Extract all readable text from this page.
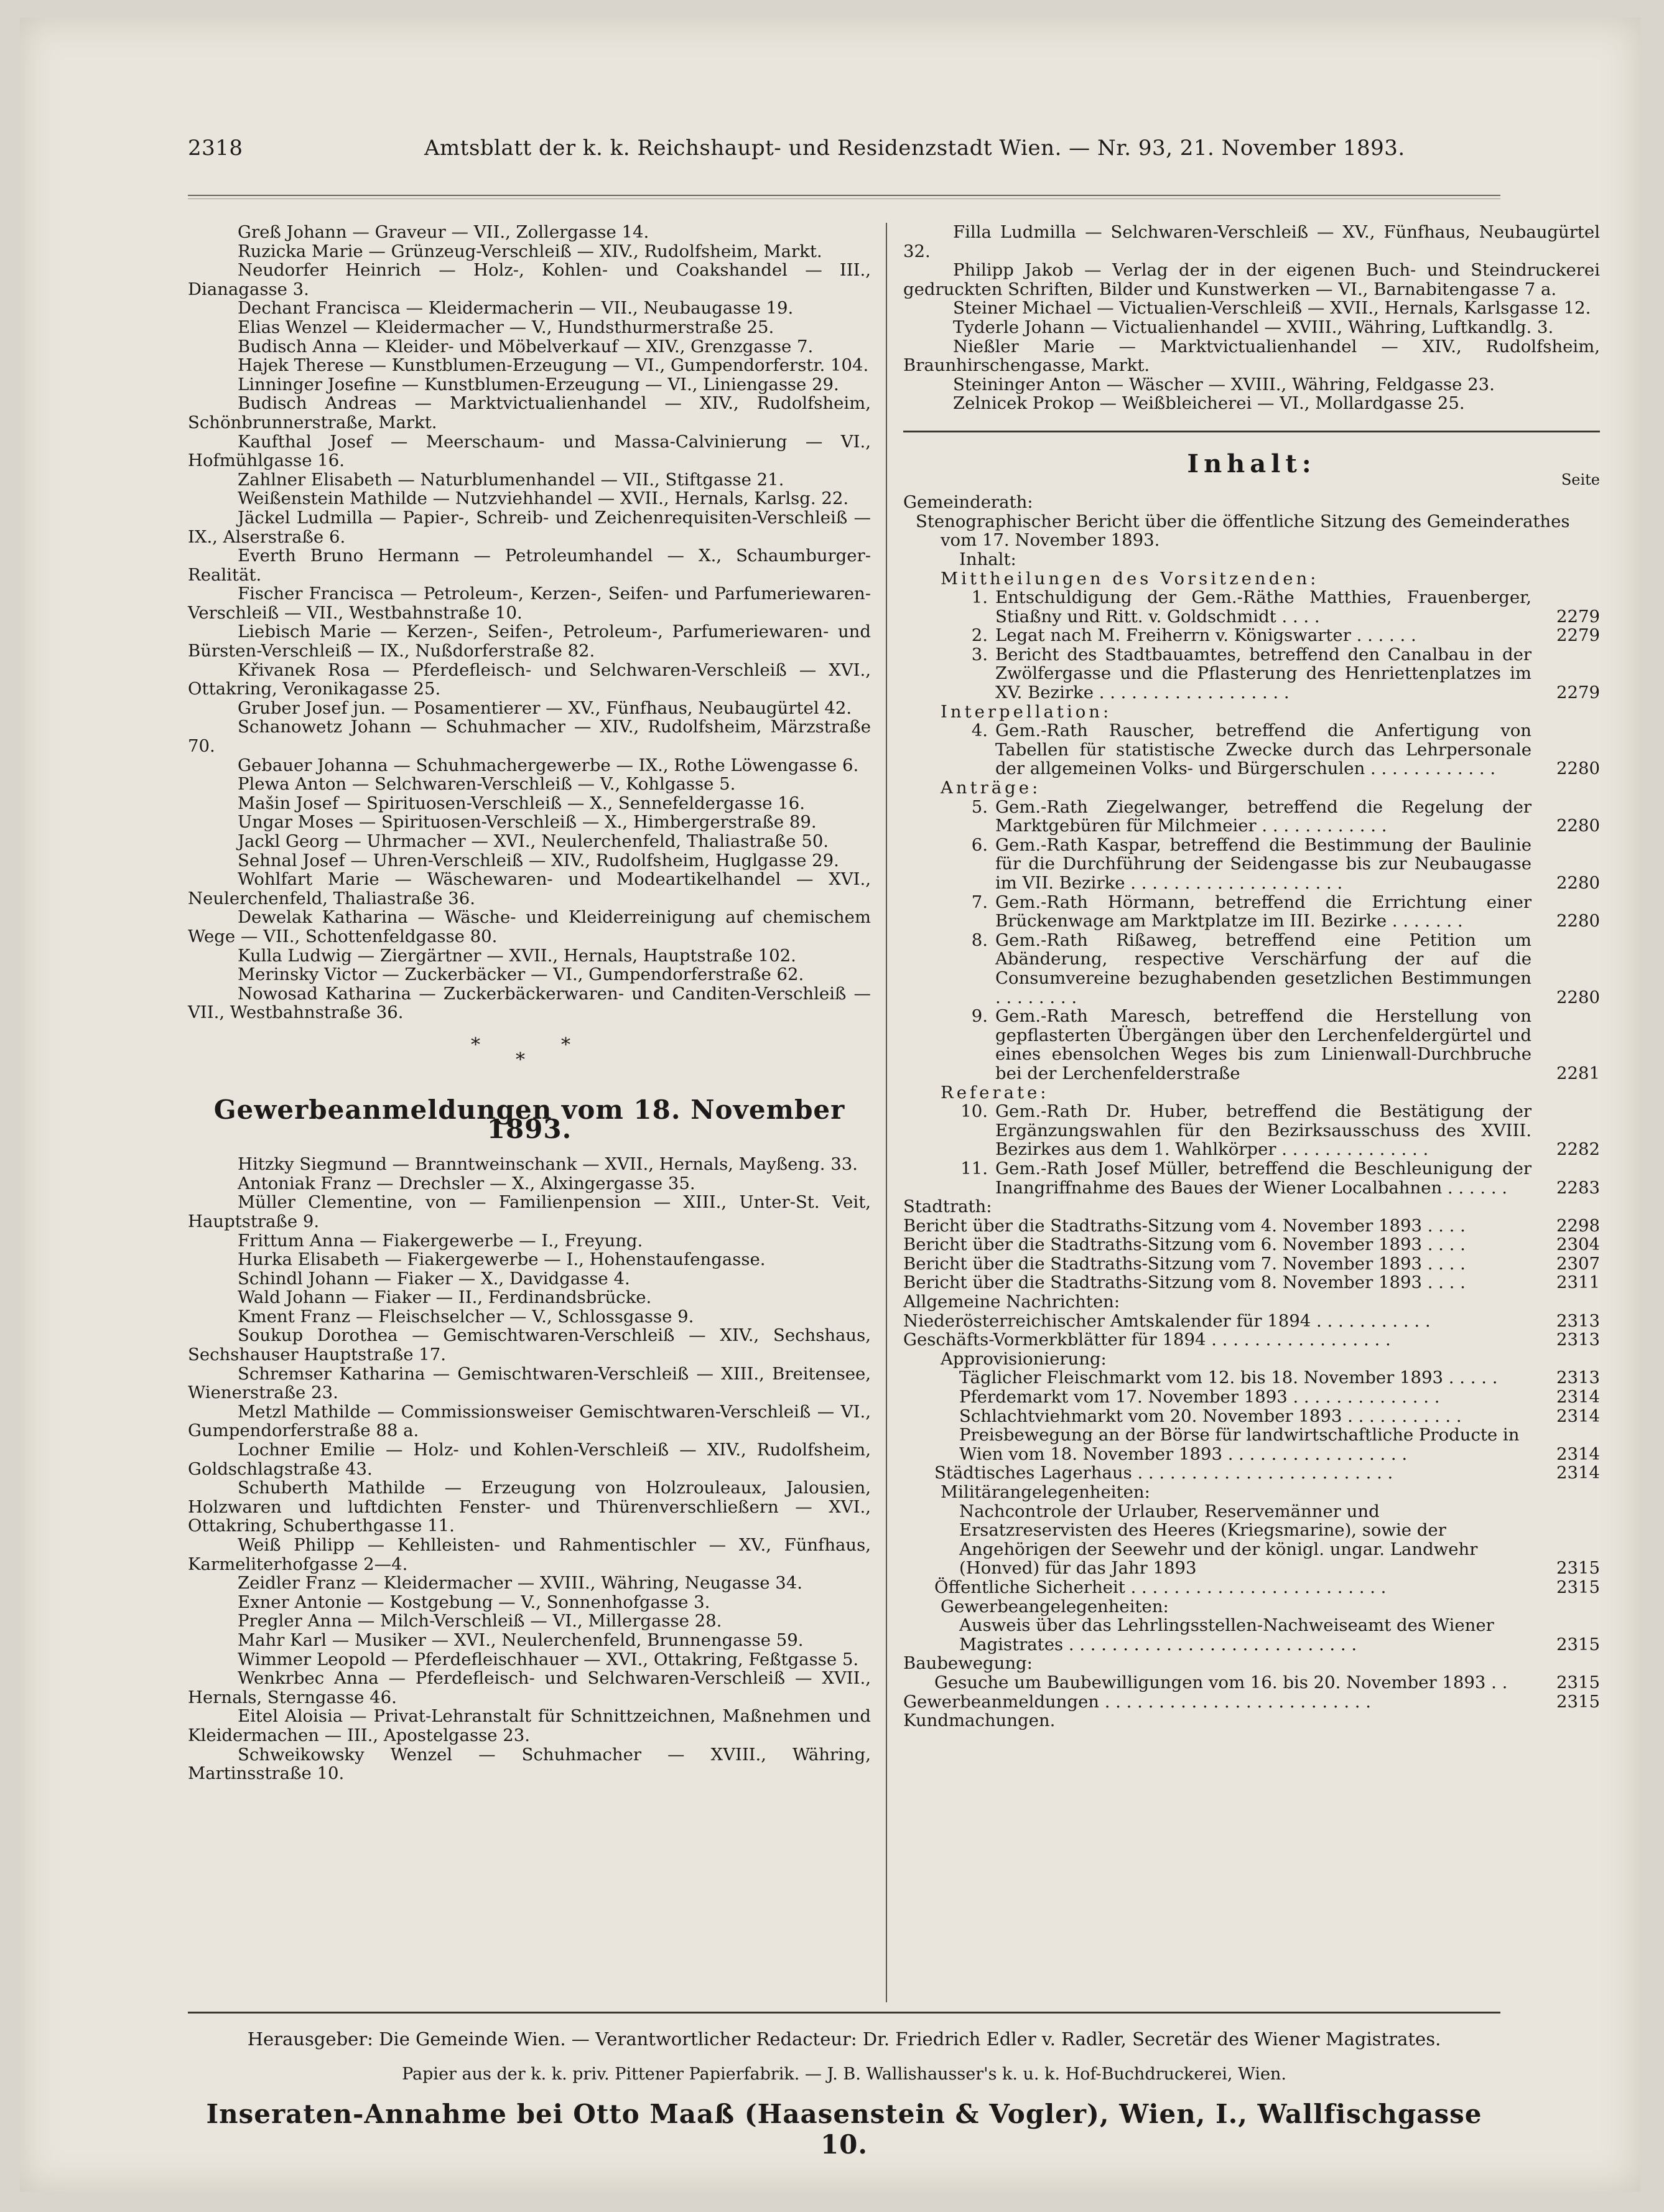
2318	Amtsblatt der k. k. Reichshaupt- und Residenzstadt Wien. — Nr. 93, 21. November 1893.

Greß Johann — Graveur — VII., Zollergasse 14.

Ruzicka Marie — Grünzeug-Verschleiß — XIV., Rudolfsheim, Markt.

Neudorfer Heinrich — Holz-, Kohlen- und Coakshandel — III., Dianagasse 3.

Dechant Francisca — Kleidermacherin — VII., Neubaugasse 19.

Elias Wenzel — Kleidermacher — V., Hundsthurmerstraße 25.

Budisch Anna — Kleider- und Möbelverkauf — XIV., Grenzgasse 7.

Hajek Therese — Kunstblumen-Erzeugung — VI., Gumpendorferstr. 104.

Linninger Josefine — Kunstblumen-Erzeugung — VI., Liniengasse 29.

Budisch Andreas — Marktvictualienhandel — XIV., Rudolfsheim, Schönbrunnerstraße, Markt.

Kaufthal Josef — Meerschaum- und Massa-Calvinierung — VI., Hofmühlgasse 16.

Zahlner Elisabeth — Naturblumenhandel — VII., Stiftgasse 21.

Weißenstein Mathilde — Nutzviehhandel — XVII., Hernals, Karlsg. 22.

Jäckel Ludmilla — Papier-, Schreib- und Zeichenrequisiten-Verschleiß — IX., Alserstraße 6.

Everth Bruno Hermann — Petroleumhandel — X., Schaumburger-Realität.

Fischer Francisca — Petroleum-, Kerzen-, Seifen- und Parfumeriewaren-Verschleiß — VII., Westbahnstraße 10.

Liebisch Marie — Kerzen-, Seifen-, Petroleum-, Parfumeriewaren- und Bürsten-Verschleiß — IX., Nußdorferstraße 82.

Křivanek Rosa — Pferdefleisch- und Selchwaren-Verschleiß — XVI., Ottakring, Veronikagasse 25.

Gruber Josef jun. — Posamentierer — XV., Fünfhaus, Neubaugürtel 42.

Schanowetz Johann — Schuhmacher — XIV., Rudolfsheim, Märzstraße 70.

Gebauer Johanna — Schuhmachergewerbe — IX., Rothe Löwengasse 6.

Plewa Anton — Selchwaren-Verschleiß — V., Kohlgasse 5.

Mašin Josef — Spirituosen-Verschleiß — X., Sennefeldergasse 16.

Ungar Moses — Spirituosen-Verschleiß — X., Himbergerstraße 89.

Jackl Georg — Uhrmacher — XVI., Neulerchenfeld, Thaliastraße 50.

Sehnal Josef — Uhren-Verschleiß — XIV., Rudolfsheim, Huglgasse 29.

Wohlfart Marie — Wäschewaren- und Modeartikelhandel — XVI., Neulerchenfeld, Thaliastraße 36.

Dewelak Katharina — Wäsche- und Kleiderreinigung auf chemischem Wege — VII., Schottenfeldgasse 80.

Kulla Ludwig — Ziergärtner — XVII., Hernals, Hauptstraße 102.

Merinsky Victor — Zuckerbäcker — VI., Gumpendorferstraße 62.

Nowosad Katharina — Zuckerbäckerwaren- und Canditen-Verschleiß — VII., Westbahnstraße 36.

*	*
*
Gewerbeanmeldungen vom 18. November 1893.

Hitzky Siegmund — Branntweinschank — XVII., Hernals, Mayßeng. 33.

Antoniak Franz — Drechsler — X., Alxingergasse 35.

Müller Clementine, von — Familienpension — XIII., Unter-St. Veit, Hauptstraße 9.

Frittum Anna — Fiakergewerbe — I., Freyung.

Hurka Elisabeth — Fiakergewerbe — I., Hohenstaufengasse.

Schindl Johann — Fiaker — X., Davidgasse 4.

Wald Johann — Fiaker — II., Ferdinandsbrücke.

Kment Franz — Fleischselcher — V., Schlossgasse 9.

Soukup Dorothea — Gemischtwaren-Verschleiß — XIV., Sechshaus, Sechshauser Hauptstraße 17.

Schremser Katharina — Gemischtwaren-Verschleiß — XIII., Breitensee, Wienerstraße 23.

Metzl Mathilde — Commissionsweiser Gemischtwaren-Verschleiß — VI., Gumpendorferstraße 88 a.

Lochner Emilie — Holz- und Kohlen-Verschleiß — XIV., Rudolfsheim, Goldschlagstraße 43.

Schuberth Mathilde — Erzeugung von Holzrouleaux, Jalousien, Holzwaren und luftdichten Fenster- und Thürenverschließern — XVI., Ottakring, Schuberthgasse 11.

Weiß Philipp — Kehlleisten- und Rahmentischler — XV., Fünfhaus, Karmeliterhofgasse 2—4.

Zeidler Franz — Kleidermacher — XVIII., Währing, Neugasse 34.

Exner Antonie — Kostgebung — V., Sonnenhofgasse 3.

Pregler Anna — Milch-Verschleiß — VI., Millergasse 28.

Mahr Karl — Musiker — XVI., Neulerchenfeld, Brunnengasse 59.

Wimmer Leopold — Pferdefleischhauer — XVI., Ottakring, Feßtgasse 5.

Wenkrbec Anna — Pferdefleisch- und Selchwaren-Verschleiß — XVII., Hernals, Sterngasse 46.

Eitel Aloisia — Privat-Lehranstalt für Schnittzeichnen, Maßnehmen und Kleidermachen — III., Apostelgasse 23.

Schweikowsky Wenzel — Schuhmacher — XVIII., Währing, Martinsstraße 10.

Filla Ludmilla — Selchwaren-Verschleiß — XV., Fünfhaus, Neubaugürtel 32.

Philipp Jakob — Verlag der in der eigenen Buch- und Steindruckerei gedruckten Schriften, Bilder und Kunstwerken — VI., Barnabitengasse 7 a.

Steiner Michael — Victualien-Verschleiß — XVII., Hernals, Karlsgasse 12.

Tyderle Johann — Victualienhandel — XVIII., Währing, Luftkandlg. 3.

Nießler Marie — Marktvictualienhandel — XIV., Rudolfsheim, Braunhirschengasse, Markt.

Steininger Anton — Wäscher — XVIII., Währing, Feldgasse 23.

Zelnicek Prokop — Weißbleicherei — VI., Mollardgasse 25.

Inhalt:
Seite

Gemeinderath:

Stenographischer Bericht über die öffentliche Sitzung des Gemeinderathes vom 17. November 1893.

Inhalt:

Mittheilungen des Vorsitzenden:

1. Entschuldigung der Gem.-Räthe Matthies, Frauenberger, Stiaßny und Ritt. v. Goldschmidt . . . .	2279
2. Legat nach M. Freiherrn v. Königswarter . . . . . .	2279
3. Bericht des Stadtbauamtes, betreffend den Canalbau in der Zwölfergasse und die Pflasterung des Henriettenplatzes im XV. Bezirke . . . . . . . . . . . . . . . . . .	2279

Interpellation:

4. Gem.-Rath Rauscher, betreffend die Anfertigung von Tabellen für statistische Zwecke durch das Lehrpersonale der allgemeinen Volks- und Bürgerschulen . . . . . . . . . . . .	2280

Anträge:

5. Gem.-Rath Ziegelwanger, betreffend die Regelung der Marktgebüren für Milchmeier . . . . . . . . . . . .	2280
6. Gem.-Rath Kaspar, betreffend die Bestimmung der Baulinie für die Durchführung der Seidengasse bis zur Neubaugasse im VII. Bezirke . . . . . . . . . . . . . . . . . . . .	2280
7. Gem.-Rath Hörmann, betreffend die Errichtung einer Brückenwage am Marktplatze im III. Bezirke . . . . . . .	2280
8. Gem.-Rath Rißaweg, betreffend eine Petition um Abänderung, respective Verschärfung der auf die Consumvereine bezughabenden gesetzlichen Bestimmungen . . . . . . . .	2280
9. Gem.-Rath Maresch, betreffend die Herstellung von gepflasterten Übergängen über den Lerchenfeldergürtel und eines ebensolchen Weges bis zum Linienwall-Durchbruche bei der Lerchenfelderstraße	2281

Referate:

10. Gem.-Rath Dr. Huber, betreffend die Bestätigung der Ergänzungswahlen für den Bezirksausschuss des XVIII. Bezirkes aus dem 1. Wahlkörper . . . . . . . . . . . . . .	2282
11. Gem.-Rath Josef Müller, betreffend die Beschleunigung der Inangriffnahme des Baues der Wiener Localbahnen . . . . . .	2283

Stadtrath:

Bericht über die Stadtraths-Sitzung vom 4. November 1893 . . . .	2298
Bericht über die Stadtraths-Sitzung vom 6. November 1893 . . . .	2304
Bericht über die Stadtraths-Sitzung vom 7. November 1893 . . . .	2307
Bericht über die Stadtraths-Sitzung vom 8. November 1893 . . . .	2311

Allgemeine Nachrichten:

Niederösterreichischer Amtskalender für 1894 . . . . . . . . . . .	2313
Geschäfts-Vormerkblätter für 1894 . . . . . . . . . . . . . . . . .	2313

Approvisionierung:

Täglicher Fleischmarkt vom 12. bis 18. November 1893 . . . . .	2313
Pferdemarkt vom 17. November 1893 . . . . . . . . . . . . . .	2314
Schlachtviehmarkt vom 20. November 1893 . . . . . . . . . . .	2314
Preisbewegung an der Börse für landwirtschaftliche Producte in Wien vom 18. November 1893 . . . . . . . . . . . . . . . . .	2314
Städtisches Lagerhaus . . . . . . . . . . . . . . . . . . . . . . . .	2314

Militärangelegenheiten:

Nachcontrole der Urlauber, Reservemänner und Ersatzreservisten des Heeres (Kriegsmarine), sowie der Angehörigen der Seewehr und der königl. ungar. Landwehr (Honved) für das Jahr 1893	2315
Öffentliche Sicherheit . . . . . . . . . . . . . . . . . . . . . . . .	2315

Gewerbeangelegenheiten:

Ausweis über das Lehrlingsstellen-Nachweiseamt des Wiener Magistrates . . . . . . . . . . . . . . . . . . . . . . . . . . .	2315

Baubewegung:

Gesuche um Baubewilligungen vom 16. bis 20. November 1893 . .	2315
Gewerbeanmeldungen . . . . . . . . . . . . . . . . . . . . . . . . .	2315

Kundmachungen.

Herausgeber: Die Gemeinde Wien. — Verantwortlicher Redacteur: Dr. Friedrich Edler v. Radler, Secretär des Wiener Magistrates.
Papier aus der k. k. priv. Pittener Papierfabrik. — J. B. Wallishausser's k. u. k. Hof-Buchdruckerei, Wien.
Inseraten-Annahme bei Otto Maaß (Haasenstein & Vogler), Wien, I., Wallfischgasse 10.
